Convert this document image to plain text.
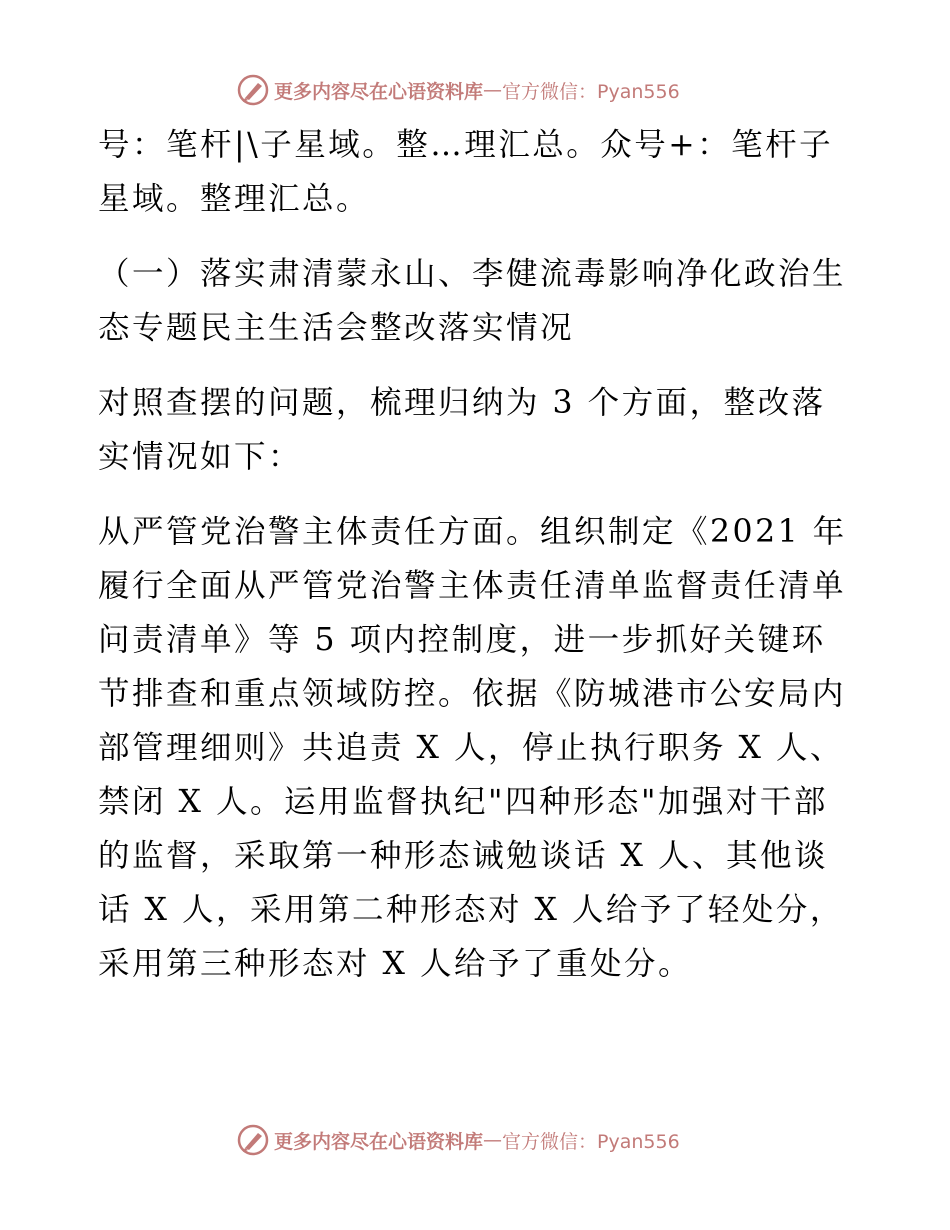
更多内容尽在心语资料库 — 官方微信：Pyan556

号：笔杆|\子星域。整…理汇总。众号+：笔杆子星域。整理汇总。

（一）落实肃清蒙永山、李健流毒影响净化政治生态专题民主生活会整改落实情况

对照查摆的问题，梳理归纳为 3 个方面，整改落实情况如下：

从严管党治警主体责任方面。组织制定《2021 年履行全面从严管党治警主体责任清单监督责任清单问责清单》等 5 项内控制度，进一步抓好关键环节排查和重点领域防控。依据《防城港市公安局内部管理细则》共追责 X 人，停止执行职务 X 人、禁闭 X 人。运用监督执纪"四种形态"加强对干部的监督，采取第一种形态诫勉谈话 X 人、其他谈话 X 人，采用第二种形态对 X 人给予了轻处分，采用第三种形态对 X 人给予了重处分。

更多内容尽在心语资料库 — 官方微信：Pyan556
